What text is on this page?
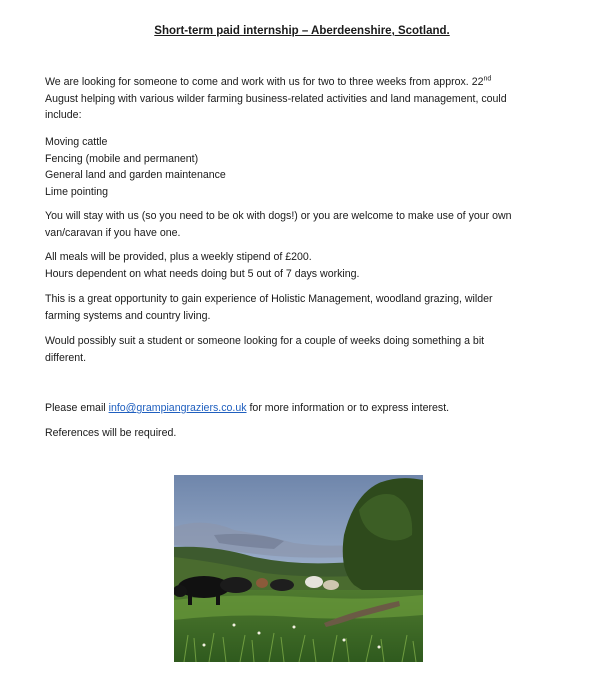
Short-term paid internship – Aberdeenshire, Scotland.
We are looking for someone to come and work with us for two to three weeks from approx. 22nd
August helping with various wilder farming business-related activities and land management, could
include:
Moving cattle
Fencing (mobile and permanent)
General land and garden maintenance
Lime pointing
You will stay with us (so you need to be ok with dogs!) or you are welcome to make use of your own
van/caravan if you have one.
All meals will be provided, plus a weekly stipend of £200.
Hours dependent on what needs doing but 5 out of 7 days working.
This is a great opportunity to gain experience of Holistic Management, woodland grazing, wilder
farming systems and country living.
Would possibly suit a student or someone looking for a couple of weeks doing something a bit
different.
Please email info@grampiangraziers.co.uk for more information or to express interest.
References will be required.
